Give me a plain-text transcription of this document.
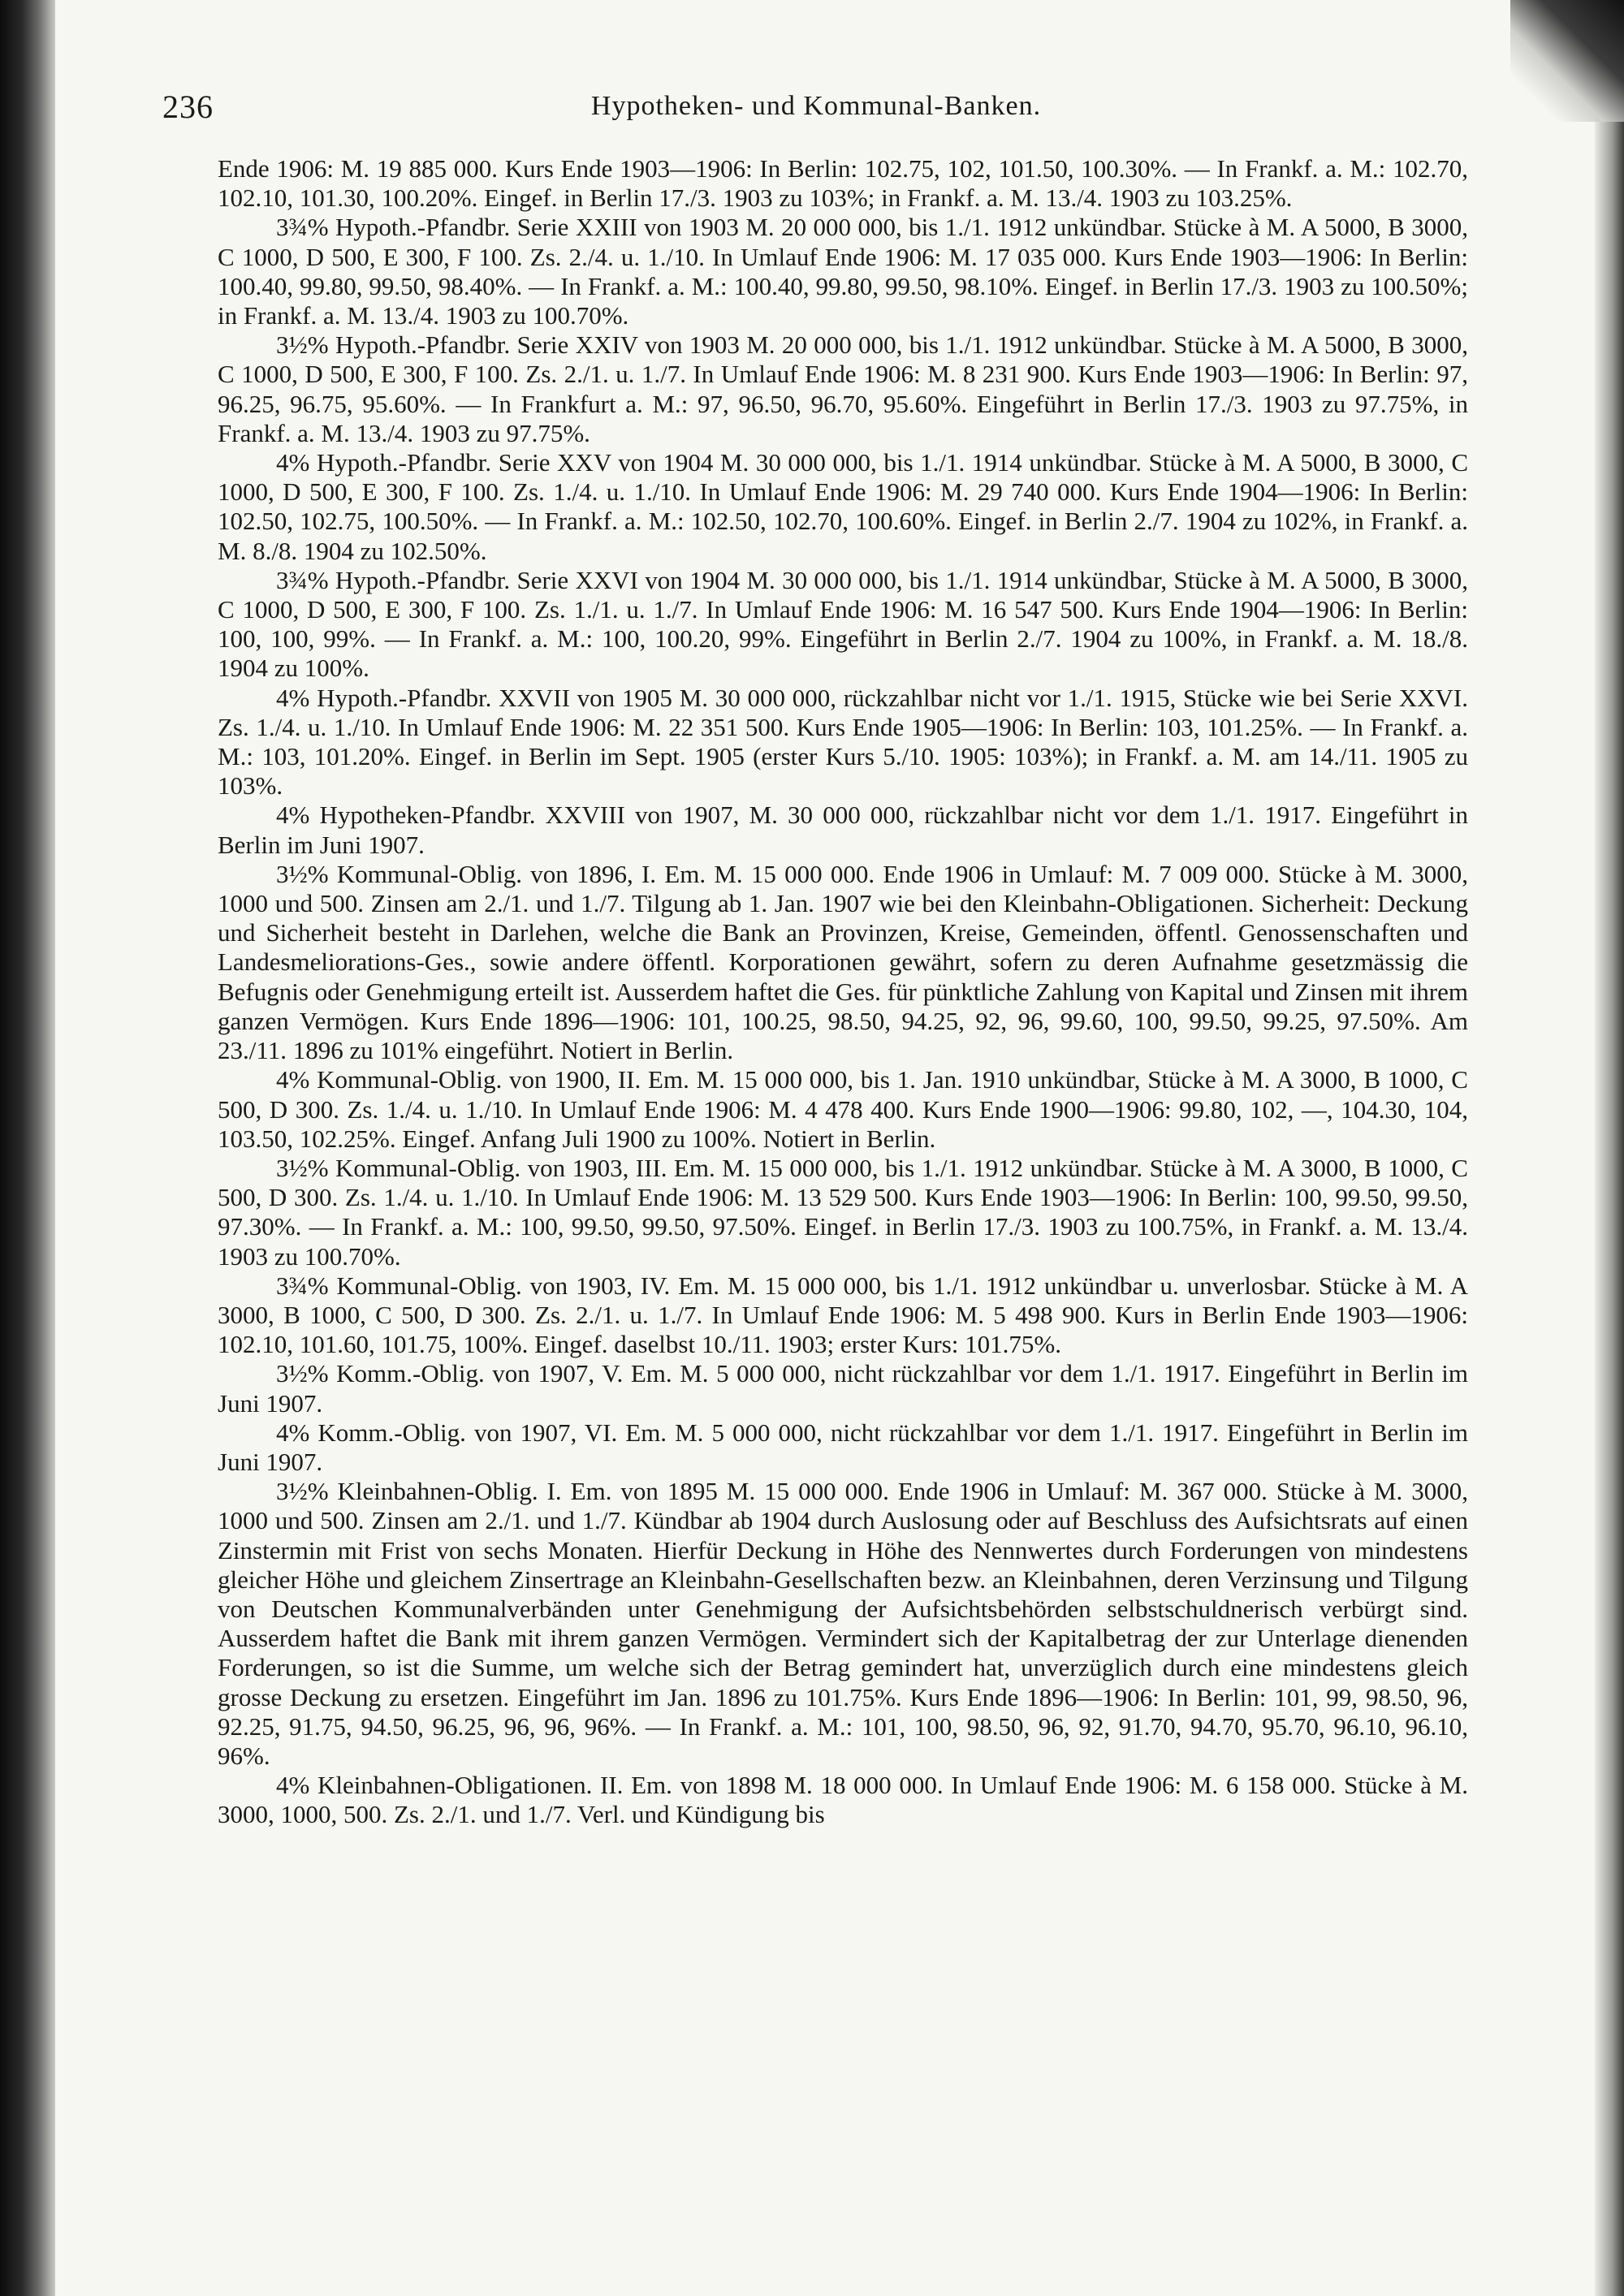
236	Hypotheken- und Kommunal-Banken.

Ende 1906: M. 19 885 000. Kurs Ende 1903—1906: In Berlin: 102.75, 102, 101.50, 100.30%. — In Frankf. a. M.: 102.70, 102.10, 101.30, 100.20%. Eingef. in Berlin 17./3. 1903 zu 103%; in Frankf. a. M. 13./4. 1903 zu 103.25%.

3¾% Hypoth.-Pfandbr. Serie XXIII von 1903 M. 20 000 000, bis 1./1. 1912 unkündbar. Stücke à M. A 5000, B 3000, C 1000, D 500, E 300, F 100. Zs. 2./4. u. 1./10. In Umlauf Ende 1906: M. 17 035 000. Kurs Ende 1903—1906: In Berlin: 100.40, 99.80, 99.50, 98.40%. — In Frankf. a. M.: 100.40, 99.80, 99.50, 98.10%. Eingef. in Berlin 17./3. 1903 zu 100.50%; in Frankf. a. M. 13./4. 1903 zu 100.70%.

3½% Hypoth.-Pfandbr. Serie XXIV von 1903 M. 20 000 000, bis 1./1. 1912 unkündbar. Stücke à M. A 5000, B 3000, C 1000, D 500, E 300, F 100. Zs. 2./1. u. 1./7. In Umlauf Ende 1906: M. 8 231 900. Kurs Ende 1903—1906: In Berlin: 97, 96.25, 96.75, 95.60%. — In Frankfurt a. M.: 97, 96.50, 96.70, 95.60%. Eingeführt in Berlin 17./3. 1903 zu 97.75%, in Frankf. a. M. 13./4. 1903 zu 97.75%.

4% Hypoth.-Pfandbr. Serie XXV von 1904 M. 30 000 000, bis 1./1. 1914 unkündbar. Stücke à M. A 5000, B 3000, C 1000, D 500, E 300, F 100. Zs. 1./4. u. 1./10. In Umlauf Ende 1906: M. 29 740 000. Kurs Ende 1904—1906: In Berlin: 102.50, 102.75, 100.50%. — In Frankf. a. M.: 102.50, 102.70, 100.60%. Eingef. in Berlin 2./7. 1904 zu 102%, in Frankf. a. M. 8./8. 1904 zu 102.50%.

3¾% Hypoth.-Pfandbr. Serie XXVI von 1904 M. 30 000 000, bis 1./1. 1914 unkündbar, Stücke à M. A 5000, B 3000, C 1000, D 500, E 300, F 100. Zs. 1./1. u. 1./7. In Umlauf Ende 1906: M. 16 547 500. Kurs Ende 1904—1906: In Berlin: 100, 100, 99%. — In Frankf. a. M.: 100, 100.20, 99%. Eingeführt in Berlin 2./7. 1904 zu 100%, in Frankf. a. M. 18./8. 1904 zu 100%.

4% Hypoth.-Pfandbr. XXVII von 1905 M. 30 000 000, rückzahlbar nicht vor 1./1. 1915, Stücke wie bei Serie XXVI. Zs. 1./4. u. 1./10. In Umlauf Ende 1906: M. 22 351 500. Kurs Ende 1905—1906: In Berlin: 103, 101.25%. — In Frankf. a. M.: 103, 101.20%. Eingef. in Berlin im Sept. 1905 (erster Kurs 5./10. 1905: 103%); in Frankf. a. M. am 14./11. 1905 zu 103%.

4% Hypotheken-Pfandbr. XXVIII von 1907, M. 30 000 000, rückzahlbar nicht vor dem 1./1. 1917. Eingeführt in Berlin im Juni 1907.

3½% Kommunal-Oblig. von 1896, I. Em. M. 15 000 000. Ende 1906 in Umlauf: M. 7 009 000. Stücke à M. 3000, 1000 und 500. Zinsen am 2./1. und 1./7. Tilgung ab 1. Jan. 1907 wie bei den Kleinbahn-Obligationen. Sicherheit: Deckung und Sicherheit besteht in Darlehen, welche die Bank an Provinzen, Kreise, Gemeinden, öffentl. Genossenschaften und Landesmeliorations-Ges., sowie andere öffentl. Korporationen gewährt, sofern zu deren Aufnahme gesetzmässig die Befugnis oder Genehmigung erteilt ist. Ausserdem haftet die Ges. für pünktliche Zahlung von Kapital und Zinsen mit ihrem ganzen Vermögen. Kurs Ende 1896—1906: 101, 100.25, 98.50, 94.25, 92, 96, 99.60, 100, 99.50, 99.25, 97.50%. Am 23./11. 1896 zu 101% eingeführt. Notiert in Berlin.

4% Kommunal-Oblig. von 1900, II. Em. M. 15 000 000, bis 1. Jan. 1910 unkündbar, Stücke à M. A 3000, B 1000, C 500, D 300. Zs. 1./4. u. 1./10. In Umlauf Ende 1906: M. 4 478 400. Kurs Ende 1900—1906: 99.80, 102, —, 104.30, 104, 103.50, 102.25%. Eingef. Anfang Juli 1900 zu 100%. Notiert in Berlin.

3½% Kommunal-Oblig. von 1903, III. Em. M. 15 000 000, bis 1./1. 1912 unkündbar. Stücke à M. A 3000, B 1000, C 500, D 300. Zs. 1./4. u. 1./10. In Umlauf Ende 1906: M. 13 529 500. Kurs Ende 1903—1906: In Berlin: 100, 99.50, 99.50, 97.30%. — In Frankf. a. M.: 100, 99.50, 99.50, 97.50%. Eingef. in Berlin 17./3. 1903 zu 100.75%, in Frankf. a. M. 13./4. 1903 zu 100.70%.

3¾% Kommunal-Oblig. von 1903, IV. Em. M. 15 000 000, bis 1./1. 1912 unkündbar u. unverlosbar. Stücke à M. A 3000, B 1000, C 500, D 300. Zs. 2./1. u. 1./7. In Umlauf Ende 1906: M. 5 498 900. Kurs in Berlin Ende 1903—1906: 102.10, 101.60, 101.75, 100%. Eingef. daselbst 10./11. 1903; erster Kurs: 101.75%.

3½% Komm.-Oblig. von 1907, V. Em. M. 5 000 000, nicht rückzahlbar vor dem 1./1. 1917. Eingeführt in Berlin im Juni 1907.

4% Komm.-Oblig. von 1907, VI. Em. M. 5 000 000, nicht rückzahlbar vor dem 1./1. 1917. Eingeführt in Berlin im Juni 1907.

3½% Kleinbahnen-Oblig. I. Em. von 1895 M. 15 000 000. Ende 1906 in Umlauf: M. 367 000. Stücke à M. 3000, 1000 und 500. Zinsen am 2./1. und 1./7. Kündbar ab 1904 durch Auslosung oder auf Beschluss des Aufsichtsrats auf einen Zinstermin mit Frist von sechs Monaten. Hierfür Deckung in Höhe des Nennwertes durch Forderungen von mindestens gleicher Höhe und gleichem Zinsertrage an Kleinbahn-Gesellschaften bezw. an Kleinbahnen, deren Verzinsung und Tilgung von Deutschen Kommunalverbänden unter Genehmigung der Aufsichtsbehörden selbstschuldnerisch verbürgt sind. Ausserdem haftet die Bank mit ihrem ganzen Vermögen. Vermindert sich der Kapitalbetrag der zur Unterlage dienenden Forderungen, so ist die Summe, um welche sich der Betrag gemindert hat, unverzüglich durch eine mindestens gleich grosse Deckung zu ersetzen. Eingeführt im Jan. 1896 zu 101.75%. Kurs Ende 1896—1906: In Berlin: 101, 99, 98.50, 96, 92.25, 91.75, 94.50, 96.25, 96, 96, 96%. — In Frankf. a. M.: 101, 100, 98.50, 96, 92, 91.70, 94.70, 95.70, 96.10, 96.10, 96%.

4% Kleinbahnen-Obligationen. II. Em. von 1898 M. 18 000 000. In Umlauf Ende 1906: M. 6 158 000. Stücke à M. 3000, 1000, 500. Zs. 2./1. und 1./7. Verl. und Kündigung bis
